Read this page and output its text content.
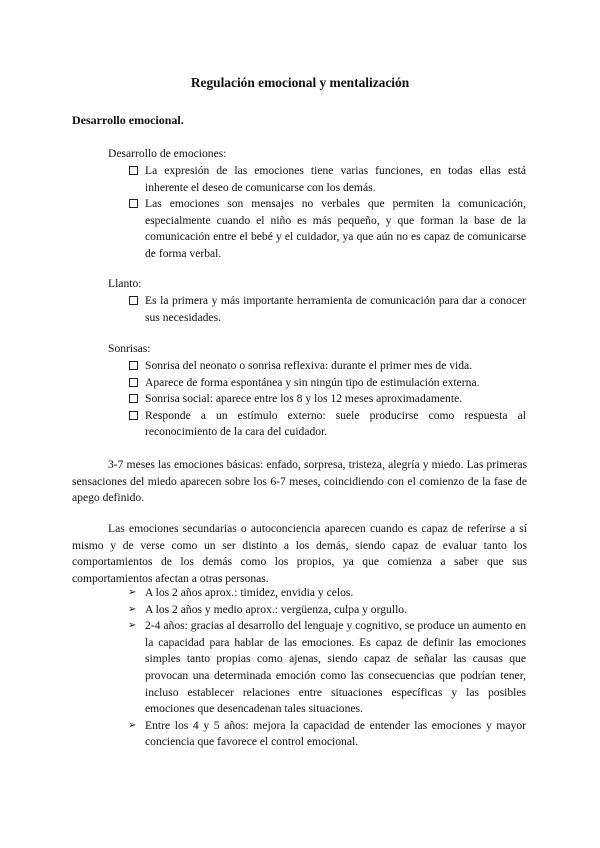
Regulación emocional y mentalización
Desarrollo emocional.
Desarrollo de emociones:
La expresión de las emociones tiene varias funciones, en todas ellas está inherente el deseo de comunicarse con los demás.
Las emociones son mensajes no verbales que permiten la comunicación, especialmente cuando el niño es más pequeño, y que forman la base de la comunicación entre el bebé y el cuidador, ya que aún no es capaz de comunicarse de forma verbal.
Llanto:
Es la primera y más importante herramienta de comunicación para dar a conocer sus necesidades.
Sonrisas:
Sonrisa del neonato o sonrisa reflexiva: durante el primer mes de vida.
Aparece de forma espontánea y sin ningún tipo de estimulación externa.
Sonrisa social: aparece entre los 8 y los 12 meses aproximadamente.
Responde a un estímulo externo: suele producirse como respuesta al reconocimiento de la cara del cuidador.
3-7 meses las emociones básicas: enfado, sorpresa, tristeza, alegría y miedo. Las primeras sensaciones del miedo aparecen sobre los 6-7 meses, coincidiendo con el comienzo de la fase de apego definido.
Las emociones secundarias o autoconciencia aparecen cuando es capaz de referirse a sí mismo y de verse como un ser distinto a los demás, siendo capaz de evaluar tanto los comportamientos de los demás como los propios, ya que comienza a saber que sus comportamientos afectan a otras personas.
➢ A los 2 años aprox.: timidez, envidia y celos.
➢ A los 2 años y medio aprox.: vergüenza, culpa y orgullo.
➢ 2-4 años: gracias al desarrollo del lenguaje y cognitivo, se produce un aumento en la capacidad para hablar de las emociones. Es capaz de definir las emociones simples tanto propias como ajenas, siendo capaz de señalar las causas que provocan una determinada emoción como las consecuencias que podrían tener, incluso establecer relaciones entre situaciones específicas y las posibles emociones que desencadenan tales situaciones.
➢ Entre los 4 y 5 años: mejora la capacidad de entender las emociones y mayor conciencia que favorece el control emocional.
